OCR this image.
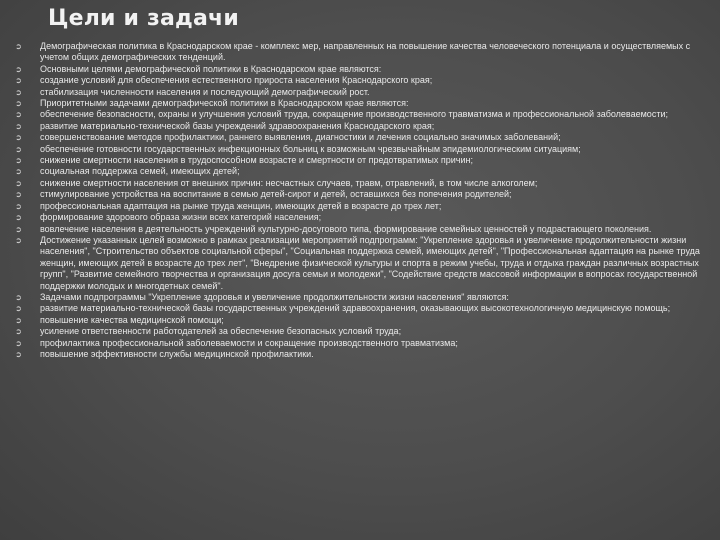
Цели и задачи
➲ Демографическая политика в Краснодарском крае - комплекс мер, направленных на повышение качества человеческого потенциала и осуществляемых с учетом общих демографических тенденций.
➲ Основными целями демографической политики в Краснодарском крае являются:
➲ создание условий для обеспечения естественного прироста населения Краснодарского края;
➲ стабилизация численности населения и последующий демографический рост.
➲ Приоритетными задачами демографической политики в Краснодарском крае являются:
➲ обеспечение безопасности, охраны и улучшения условий труда, сокращение производственного травматизма и профессиональной заболеваемости;
➲ развитие материально-технической базы учреждений здравоохранения Краснодарского края;
➲ совершенствование методов профилактики, раннего выявления, диагностики и лечения социально значимых заболеваний;
➲ обеспечение готовности государственных инфекционных больниц к возможным чрезвычайным эпидемиологическим ситуациям;
➲ снижение смертности населения в трудоспособном возрасте и смертности от предотвратимых причин;
➲ социальная поддержка семей, имеющих детей;
➲ снижение смертности населения от внешних причин: несчастных случаев, травм, отравлений, в том числе алкоголем;
➲ стимулирование устройства на воспитание в семью детей-сирот и детей, оставшихся без попечения родителей;
➲ профессиональная адаптация на рынке труда женщин, имеющих детей в возрасте до трех лет;
➲ формирование здорового образа жизни всех категорий населения;
➲ вовлечение населения в деятельность учреждений культурно-досугового типа, формирование семейных ценностей у подрастающего поколения.
➲ Достижение указанных целей возможно в рамках реализации мероприятий подпрограмм: "Укрепление здоровья и увеличение продолжительности жизни населения", "Строительство объектов социальной сферы", "Социальная поддержка семей, имеющих детей", "Профессиональная адаптация на рынке труда женщин, имеющих детей в возрасте до трех лет", "Внедрение физической культуры и спорта в режим учебы, труда и отдыха граждан различных возрастных групп", "Развитие семейного творчества и организация досуга семьи и молодежи", "Содействие средств массовой информации в вопросах государственной поддержки молодых и многодетных семей".
➲ Задачами подпрограммы "Укрепление здоровья и увеличение продолжительности жизни населения" являются:
➲ развитие материально-технической базы государственных учреждений здравоохранения, оказывающих высокотехнологичную медицинскую помощь;
➲ повышение качества медицинской помощи;
➲ усиление ответственности работодателей за обеспечение безопасных условий труда;
➲ профилактика профессиональной заболеваемости и сокращение производственного травматизма;
➲ повышение эффективности службы медицинской профилактики.
